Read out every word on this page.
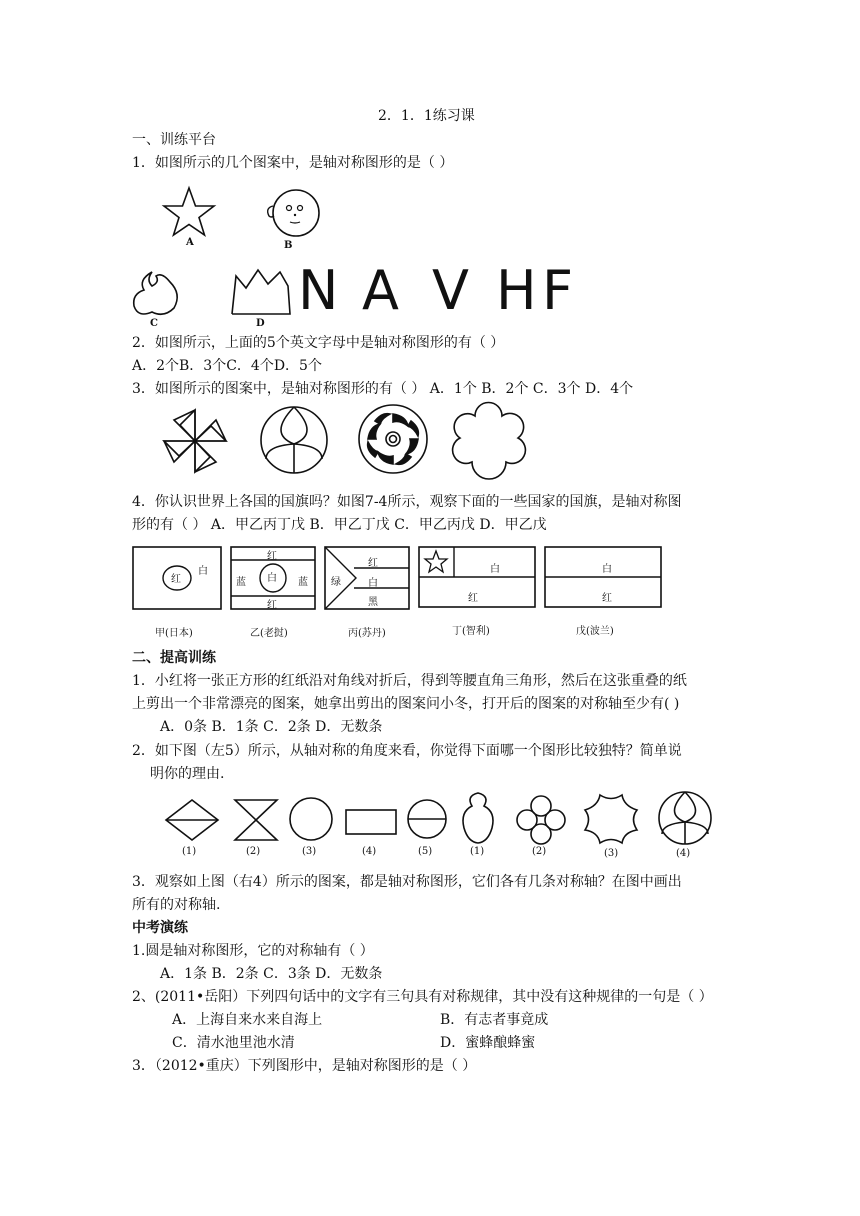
2．1．1练习课
一、训练平台
1．如图所示的几个图案中，是轴对称图形的是（ ）
A	B
C	D
N A V H F
2．如图所示，上面的5个英文字母中是轴对称图形的有（ ）
A．2个B．3个C．4个D．5个
3．如图所示的图案中，是轴对称图形的有（ ） A．1个 B．2个 C．3个 D．4个
4．你认识世界上各国的国旗吗？如图7-4所示，观察下面的一些国家的国旗，是轴对称图
形的有（ ） A．甲乙丙丁戊 B．甲乙丁戊 C．甲乙丙戊 D．甲乙戊
红
白
甲(日本)
红
蓝 白 蓝
红
乙(老挝)
绿
红
白
黑
丙(苏丹)
白
红
丁(智利)
白
红
戊(波兰)
二、提高训练
1．小红将一张正方形的红纸沿对角线对折后，得到等腰直角三角形，然后在这张重叠的纸
上剪出一个非常漂亮的图案，她拿出剪出的图案问小冬，打开后的图案的对称轴至少有( )
A．0条 B．1条 C．2条 D．无数条
2．如下图（左5）所示，从轴对称的角度来看，你觉得下面哪一个图形比较独特？简单说
明你的理由.
(1)	(2)	(3)	(4)	(5)	(1)	(2)	(3)	(4)
3．观察如上图（右4）所示的图案，都是轴对称图形，它们各有几条对称轴？在图中画出
所有的对称轴.
中考演练
1.圆是轴对称图形，它的对称轴有（ ）
A．1条 B．2条 C．3条 D．无数条
2、(2011•岳阳）下列四句话中的文字有三句具有对称规律，其中没有这种规律的一句是（ ）
A．上海自来水来自海上	B．有志者事竟成
C．清水池里池水清	D．蜜蜂酿蜂蜜
3．（2012•重庆）下列图形中，是轴对称图形的是（ ）
